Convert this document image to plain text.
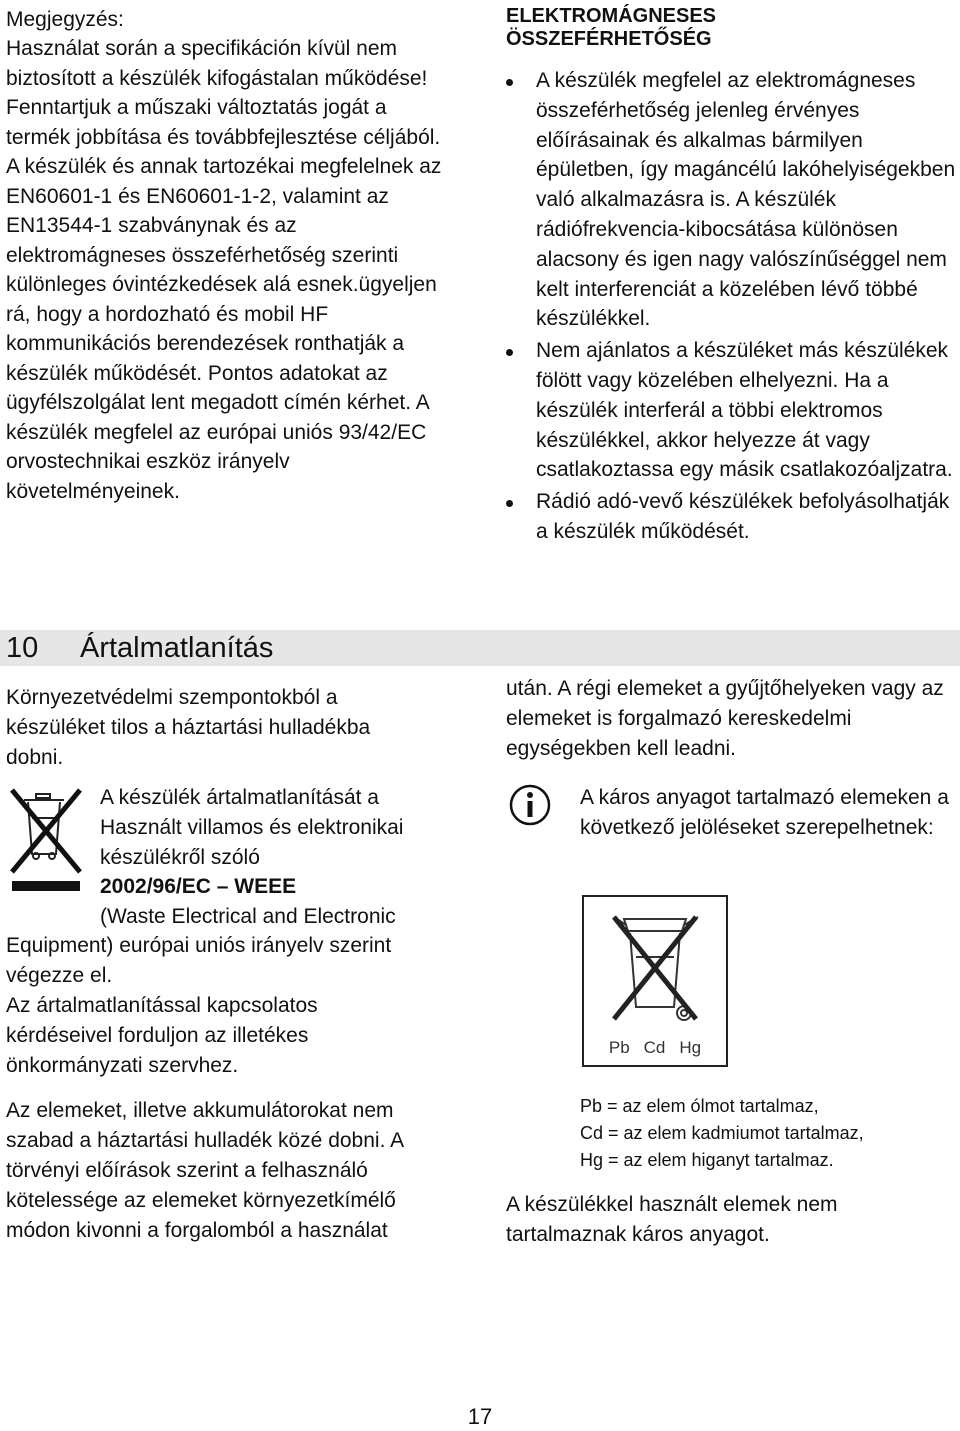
Megjegyzés:

Használat során a specifikáción kívül nem biztosított a készülék kifogástalan működése! Fenntartjuk a műszaki változtatás jogát a termék jobbítása és továbbfejlesztése céljából. A készülék és annak tartozékai megfelelnek az EN60601-1 és EN60601-1-2, valamint az EN13544-1 szabványnak és az elektromágneses összeférhetőség szerinti különleges óvintézkedések alá esnek.ügyeljen rá, hogy a hordozható és mobil HF kommunikációs berendezések ronthatják a készülék működését. Pontos adatokat az ügyfélszolgálat lent megadott címén kérhet. A készülék megfelel az európai uniós 93/42/EC orvostechnikai eszköz irányelv követelményeinek.

ELEKTROMÁGNESES
ÖSSZEFÉRHETŐSÉG
A készülék megfelel az elektromágneses összeférhetőség jelenleg érvényes előírásainak és alkalmas bármilyen épületben, így magáncélú lakóhelyiségekben való alkalmazásra is. A készülék rádiófrekvencia-kibocsátása különösen alacsony és igen nagy valószínűséggel nem kelt interferenciát a közelében lévő többé készülékkel.
Nem ajánlatos a készüléket más készülékek fölött vagy közelében elhelyezni. Ha a készülék interferál a többi elektromos készülékkel, akkor helyezze át vagy csatlakoztassa egy másik csatlakozóaljzatra.
Rádió adó-vevő készülékek befolyásolhatják a készülék működését.
10 Ártalmatlanítás

Környezetvédelmi szempontokból a készüléket tilos a háztartási hulladékba dobni.

A készülék ártalmatlanítását a

Használt villamos és elektronikai

készülékről szóló

2002/96/EC – WEEE

(Waste Electrical and Electronic

Equipment) európai uniós irányelv szerint végezze el.

Az ártalmatlanítással kapcsolatos kérdéseivel forduljon az illetékes önkormányzati szervhez.

Az elemeket, illetve akkumulátorokat nem szabad a háztartási hulladék közé dobni. A törvényi előírások szerint a felhasználó kötelessége az elemeket környezetkímélő módon kivonni a forgalomból a használat

után. A régi elemeket a gyűjtőhelyeken vagy az elemeket is forgalmazó kereskedelmi egységekben kell leadni.

A káros anyagot tartalmazó elemeken a következő jelöléseket szerepelhetnek:

Pb Cd Hg

Pb = az elem ólmot tartalmaz,

Cd = az elem kadmiumot tartalmaz,

Hg = az elem higanyt tartalmaz.

A készülékkel használt elemek nem tartalmaznak káros anyagot.

17
